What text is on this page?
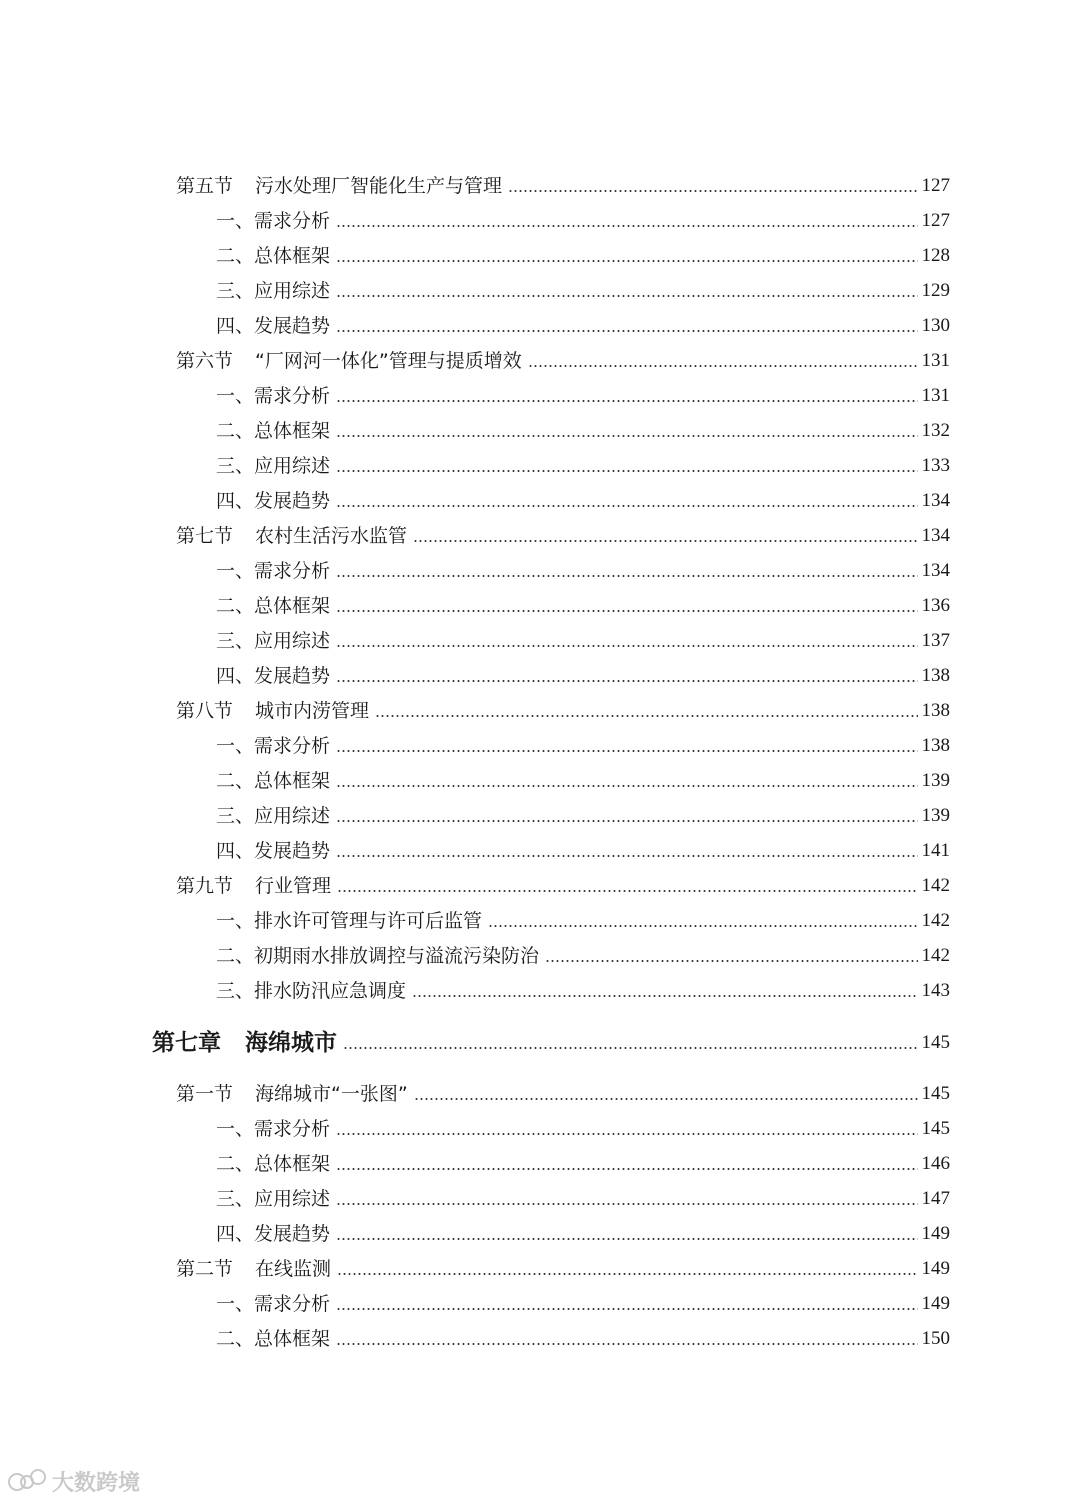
第五节 污水处理厂智能化生产与管理	127
一、需求分析	127
二、总体框架	128
三、应用综述	129
四、发展趋势	130
第六节 “厂网河一体化”管理与提质增效	131
一、需求分析	131
二、总体框架	132
三、应用综述	133
四、发展趋势	134
第七节 农村生活污水监管	134
一、需求分析	134
二、总体框架	136
三、应用综述	137
四、发展趋势	138
第八节 城市内涝管理	138
一、需求分析	138
二、总体框架	139
三、应用综述	139
四、发展趋势	141
第九节 行业管理	142
一、排水许可管理与许可后监管	142
二、初期雨水排放调控与溢流污染防治	142
三、排水防汛应急调度	143
第七章 海绵城市	145
第一节 海绵城市“一张图”	145
一、需求分析	145
二、总体框架	146
三、应用综述	147
四、发展趋势	149
第二节 在线监测	149
一、需求分析	149
二、总体框架	150
大数跨境
